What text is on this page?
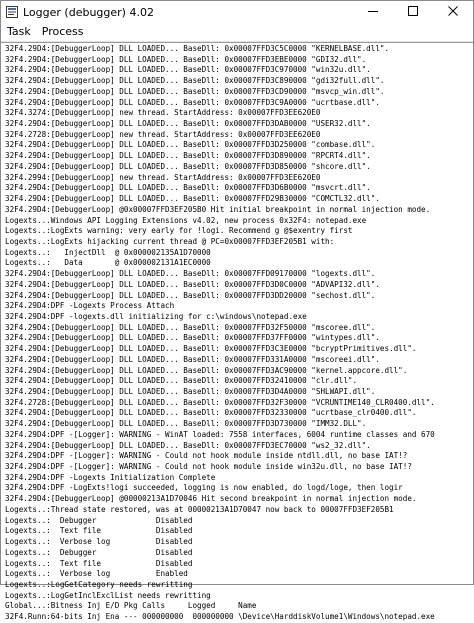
Logger (debugger) 4.02
Task	Process
32F4.29D4:[DebuggerLoop] DLL LOADED... BaseDll: 0x00007FFD3C5C0000 "KERNELBASE.dll".
32F4.29D4:[DebuggerLoop] DLL LOADED... BaseDll: 0x00007FFD3EBE0000 "GDI32.dll".
32F4.29D4:[DebuggerLoop] DLL LOADED... BaseDll: 0x00007FFD3C970000 "win32u.dll".
32F4.29D4:[DebuggerLoop] DLL LOADED... BaseDll: 0x00007FFD3C890000 "gdi32full.dll".
32F4.29D4:[DebuggerLoop] DLL LOADED... BaseDll: 0x00007FFD3CD90000 "msvcp_win.dll".
32F4.29D4:[DebuggerLoop] DLL LOADED... BaseDll: 0x00007FFD3C9A0000 "ucrtbase.dll".
32F4.3274:[DebuggerLoop] new thread. StartAddress: 0x00007FFD3EE620E0
32F4.29D4:[DebuggerLoop] DLL LOADED... BaseDll: 0x00007FFD3DAB0000 "USER32.dll".
32F4.2728:[DebuggerLoop] new thread. StartAddress: 0x00007FFD3EE620E0
32F4.29D4:[DebuggerLoop] DLL LOADED... BaseDll: 0x00007FFD3D250000 "combase.dll".
32F4.29D4:[DebuggerLoop] DLL LOADED... BaseDll: 0x00007FFD3D890000 "RPCRT4.dll".
32F4.29D4:[DebuggerLoop] DLL LOADED... BaseDll: 0x00007FFD3D850000 "shcore.dll".
32F4.2994:[DebuggerLoop] new thread. StartAddress: 0x00007FFD3EE620E0
32F4.29D4:[DebuggerLoop] DLL LOADED... BaseDll: 0x00007FFD3D6B0000 "msvcrt.dll".
32F4.29D4:[DebuggerLoop] DLL LOADED... BaseDll: 0x00007FFD29B30000 "COMCTL32.dll".
32F4.29D4:[DebuggerLoop] @0x00007FFD3EF205B0 Hit initial breakpoint in normal injection mode.
Logexts...Windows API Logging Extensions v4.02, new process 0x32F4: notepad.exe
Logexts..:LogExts warning: very early for !logi. Recommend g @$exentry first
Logexts..:LogExts hijacking current thread @ PC=0x00007FFD3EF205B1 with:
Logexts..:   InjectDll  @ 0x000002135A1D70000
Logexts..:   Data       @ 0x000002131A1EC0000
32F4.29D4:[DebuggerLoop] DLL LOADED... BaseDll: 0x00007FFD09170000 "logexts.dll".
32F4.29D4:[DebuggerLoop] DLL LOADED... BaseDll: 0x00007FFD3D0C0000 "ADVAPI32.dll".
32F4.29D4:[DebuggerLoop] DLL LOADED... BaseDll: 0x00007FFD3DD20000 "sechost.dll".
32F4.29D4:DPF -Logexts Process Attach
32F4.29D4:DPF -logexts.dll initializing for c:\windows\notepad.exe
32F4.29D4:[DebuggerLoop] DLL LOADED... BaseDll: 0x00007FFD32F50000 "mscoree.dll".
32F4.29D4:[DebuggerLoop] DLL LOADED... BaseDll: 0x00007FFD37FF0000 "wintypes.dll".
32F4.29D4:[DebuggerLoop] DLL LOADED... BaseDll: 0x00007FFD3C3E0000 "bcryptPrimitives.dll".
32F4.29D4:[DebuggerLoop] DLL LOADED... BaseDll: 0x00007FFD331A0000 "mscoreei.dll".
32F4.29D4:[DebuggerLoop] DLL LOADED... BaseDll: 0x00007FFD3AC90000 "kernel.appcore.dll".
32F4.29D4:[DebuggerLoop] DLL LOADED... BaseDll: 0x00007FFD32410000 "clr.dll".
32F4.29D4:[DebuggerLoop] DLL LOADED... BaseDll: 0x00007FFD3D4A0000 "SHLWAPI.dll".
32F4.2728:[DebuggerLoop] DLL LOADED... BaseDll: 0x00007FFD32F30000 "VCRUNTIME140_CLR0400.dll".
32F4.29D4:[DebuggerLoop] DLL LOADED... BaseDll: 0x00007FFD32330000 "ucrtbase_clr0400.dll".
32F4.29D4:[DebuggerLoop] DLL LOADED... BaseDll: 0x00007FFD3D730000 "IMM32.DLL".
32F4.29D4:DPF -[Logger]: WARNING - WinAT loaded: 7558 interfaces, 6004 runtime classes and 670
32F4.29D4:[DebuggerLoop] DLL LOADED... BaseDll: 0x00007FFD3EC70000 "ws2_32.dll".
32F4.29D4:DPF -[Logger]: WARNING - Could not hook module inside ntdll.dll, no base IAT!?
32F4.29D4:DPF -[Logger]: WARNING - Could not hook module inside win32u.dll, no base IAT!?
32F4.29D4:DPF -Logexts Initialization Complete
32F4.29D4:DPF -LogExts!logi succeeded, logging is now enabled, do logd/loge, then logir
32F4.29D4:[DebuggerLoop] @00000213A1D70046 Hit second breakpoint in normal injection mode.
Logexts..:Thread state restored, was at 00000213A1D70047 now back to 00007FFD3EF205B1
Logexts..:  Debugger             Disabled
Logexts..:  Text file            Disabled
Logexts..:  Verbose log          Disabled
Logexts..:  Debugger             Disabled
Logexts..:  Text file            Disabled
Logexts..:  Verbose log          Enabled
Logexts..:LogGetCategory needs rewritting
Logexts..:LogGetInclExclList needs rewritting
Global...:Bitness Inj E/D Pkg Calls     Logged     Name
32F4.Runn:64-bits Inj Ena --- 000000000  000000000 \Device\HarddiskVolume1\Windows\notepad.exe
